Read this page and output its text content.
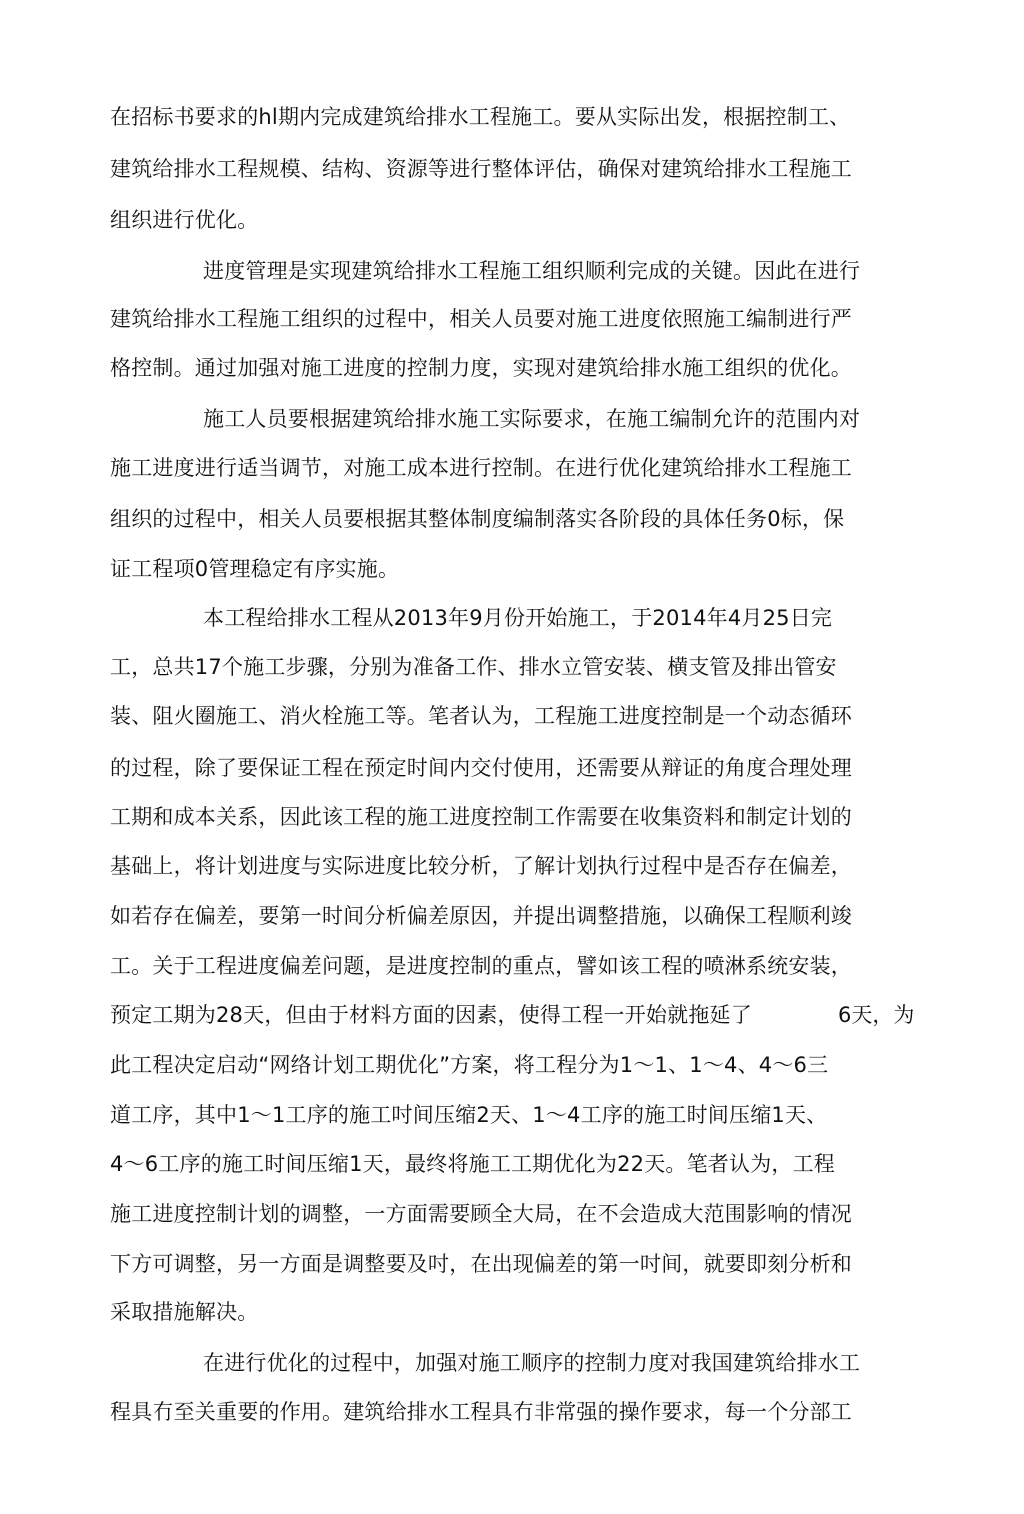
在招标书要求的hl期内完成建筑给排水工程施工。要从实际出发，根据控制工、
建筑给排水工程规模、结构、资源等进行整体评估，确保对建筑给排水工程施工
组织进行优化。
进度管理是实现建筑给排水工程施工组织顺利完成的关键。因此在进行
建筑给排水工程施工组织的过程中，相关人员要对施工进度依照施工编制进行严
格控制。通过加强对施工进度的控制力度，实现对建筑给排水施工组织的优化。
施工人员要根据建筑给排水施工实际要求，在施工编制允许的范围内对
施工进度进行适当调节，对施工成本进行控制。在进行优化建筑给排水工程施工
组织的过程中，相关人员要根据其整体制度编制落实各阶段的具体任务0标，保
证工程项0管理稳定有序实施。
本工程给排水工程从2013年9月份开始施工，于2014年4月25日完
工，总共17个施工步骤，分别为准备工作、排水立管安装、横支管及排出管安
装、阻火圈施工、消火栓施工等。笔者认为，工程施工进度控制是一个动态循环
的过程，除了要保证工程在预定时间内交付使用，还需要从辩证的角度合理处理
工期和成本关系，因此该工程的施工进度控制工作需要在收集资料和制定计划的
基础上，将计划进度与实际进度比较分析，了解计划执行过程中是否存在偏差，
如若存在偏差，要第一时间分析偏差原因，并提出调整措施，以确保工程顺利竣
工。关于工程进度偏差问题，是进度控制的重点，譬如该工程的喷淋系统安装，
预定工期为28天，但由于材料方面的因素，使得工程一开始就拖延了	6天，为
此工程决定启动“网络计划工期优化”方案，将工程分为1～1、1～4、4～6三
道工序，其中1～1工序的施工吋间压缩2天、1～4工序的施工时间压缩1天、
4～6工序的施工时间压缩1天，最终将施工工期优化为22天。笔者认为，工程
施工进度控制计划的调整，一方面需要顾全大局，在不会造成大范围影响的情况
下方可调整，另一方面是调整要及吋，在出现偏差的第一吋间，就要即刻分析和
采取措施解决。
在进行优化的过程中，加强对施工顺序的控制力度对我国建筑给排水工
程具冇至关重要的作用。建筑给排水工程具冇非常强的操作要求，每一个分部工
